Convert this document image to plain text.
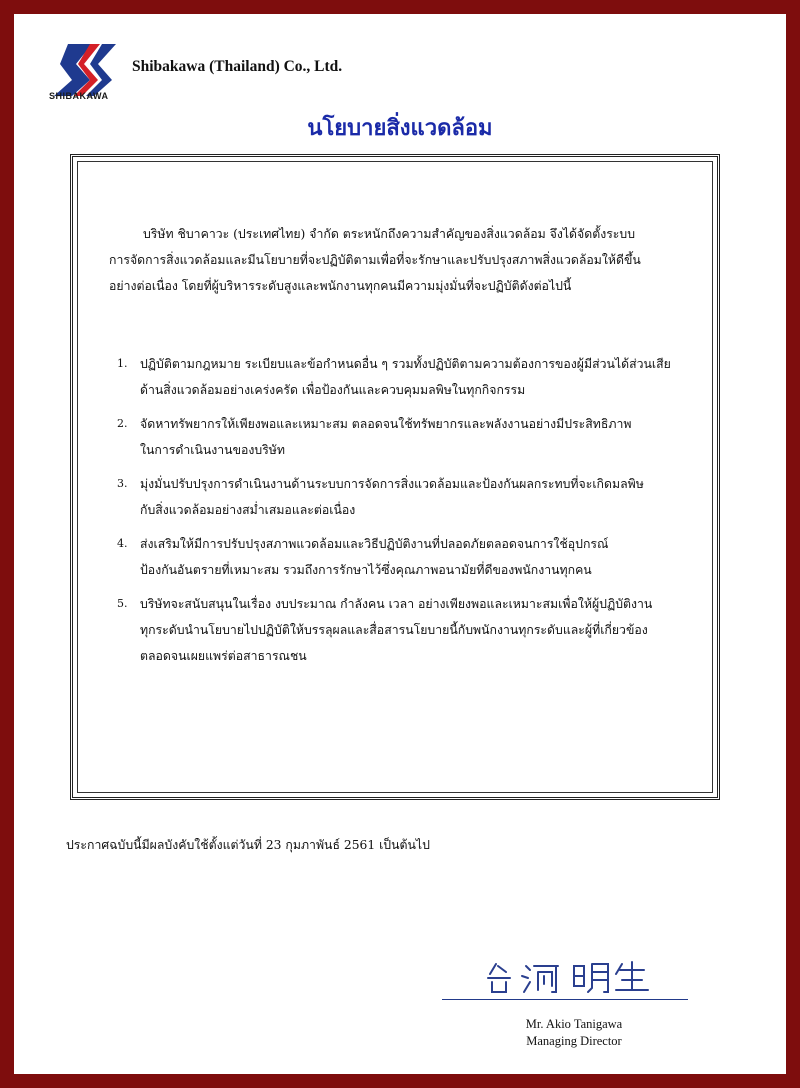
SHIBAKAWA
Shibakawa (Thailand) Co., Ltd.
นโยบายสิ่งแวดล้อม

บริษัท ชิบาคาวะ (ประเทศไทย) จำกัด ตระหนักถึงความสำคัญของสิ่งแวดล้อม จึงได้จัดตั้งระบบ
การจัดการสิ่งแวดล้อมและมีนโยบายที่จะปฏิบัติตามเพื่อที่จะรักษาและปรับปรุงสภาพสิ่งแวดล้อมให้ดีขึ้น
อย่างต่อเนื่อง โดยที่ผู้บริหารระดับสูงและพนักงานทุกคนมีความมุ่งมั่นที่จะปฏิบัติดังต่อไปนี้

1. ปฏิบัติตามกฎหมาย ระเบียบและข้อกำหนดอื่น ๆ รวมทั้งปฏิบัติตามความต้องการของผู้มีส่วนได้ส่วนเสีย
ด้านสิ่งแวดล้อมอย่างเคร่งครัด เพื่อป้องกันและควบคุมมลพิษในทุกกิจกรรม
2. จัดหาทรัพยากรให้เพียงพอและเหมาะสม ตลอดจนใช้ทรัพยากรและพลังงานอย่างมีประสิทธิภาพ
ในการดำเนินงานของบริษัท
3. มุ่งมั่นปรับปรุงการดำเนินงานด้านระบบการจัดการสิ่งแวดล้อมและป้องกันผลกระทบที่จะเกิดมลพิษ
กับสิ่งแวดล้อมอย่างสม่ำเสมอและต่อเนื่อง
4. ส่งเสริมให้มีการปรับปรุงสภาพแวดล้อมและวิธีปฏิบัติงานที่ปลอดภัยตลอดจนการใช้อุปกรณ์
ป้องกันอันตรายที่เหมาะสม รวมถึงการรักษาไว้ซึ่งคุณภาพอนามัยที่ดีของพนักงานทุกคน
5. บริษัทจะสนับสนุนในเรื่อง งบประมาณ กำลังคน เวลา อย่างเพียงพอและเหมาะสมเพื่อให้ผู้ปฏิบัติงาน
ทุกระดับนำนโยบายไปปฏิบัติให้บรรลุผลและสื่อสารนโยบายนี้กับพนักงานทุกระดับและผู้ที่เกี่ยวข้อง
ตลอดจนเผยแพร่ต่อสาธารณชน
ประกาศฉบับนี้มีผลบังคับใช้ตั้งแต่วันที่ 23 กุมภาพันธ์ 2561 เป็นต้นไป
Mr. Akio Tanigawa
Managing Director
